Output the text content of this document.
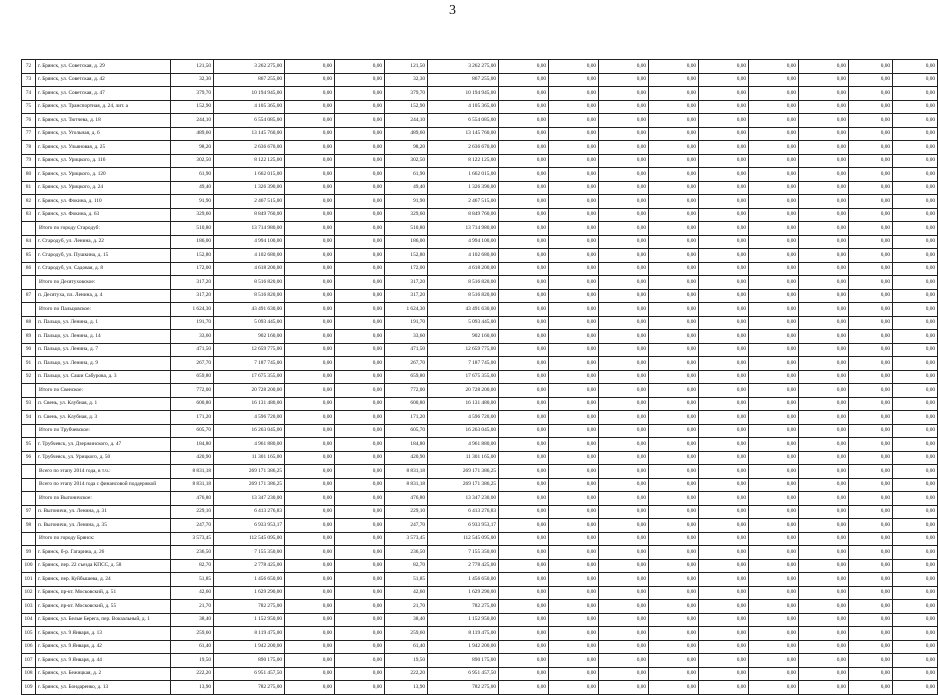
3
72	г. Брянск, ул. Советская, д. 29	121,50	3 262 275,00	0,00	0,00	121,50	3 262 275,00	0,00	0,00	0,00	0,00	0,00	0,00	0,00	0,00	0,00
73	г. Брянск, ул. Советская, д. 42	32,30	867 255,00	0,00	0,00	32,30	867 255,00	0,00	0,00	0,00	0,00	0,00	0,00	0,00	0,00	0,00
74	г. Брянск, ул. Советская, д. 47	379,70	10 194 945,00	0,00	0,00	379,70	10 194 945,00	0,00	0,00	0,00	0,00	0,00	0,00	0,00	0,00	0,00
75	г. Брянск, ул. Транспортная, д. 24, лит. а	152,90	4 105 365,00	0,00	0,00	152,90	4 105 365,00	0,00	0,00	0,00	0,00	0,00	0,00	0,00	0,00	0,00
76	г. Брянск, ул. Тютчева, д. 18	244,10	6 554 085,00	0,00	0,00	244,10	6 554 085,00	0,00	0,00	0,00	0,00	0,00	0,00	0,00	0,00	0,00
77	г. Брянск, ул. Угольная, д. 6	489,60	13 145 760,00	0,00	0,00	489,60	13 145 760,00	0,00	0,00	0,00	0,00	0,00	0,00	0,00	0,00	0,00
78	г. Брянск, ул. Ульяновая, д. 25	98,20	2 636 670,00	0,00	0,00	98,20	2 636 670,00	0,00	0,00	0,00	0,00	0,00	0,00	0,00	0,00	0,00
79	г. Брянск, ул. Урицкого, д. 116	302,50	8 122 125,00	0,00	0,00	302,50	8 122 125,00	0,00	0,00	0,00	0,00	0,00	0,00	0,00	0,00	0,00
80	г. Брянск, ул. Урицкого, д. 120	61,90	1 662 015,00	0,00	0,00	61,90	1 662 015,00	0,00	0,00	0,00	0,00	0,00	0,00	0,00	0,00	0,00
81	г. Брянск, ул. Урицкого, д. 24	49,40	1 326 390,00	0,00	0,00	49,40	1 326 390,00	0,00	0,00	0,00	0,00	0,00	0,00	0,00	0,00	0,00
82	г. Брянск, ул. Фокина, д. 110	91,90	2 467 515,00	0,00	0,00	91,90	2 467 515,00	0,00	0,00	0,00	0,00	0,00	0,00	0,00	0,00	0,00
83	г. Брянск, ул. Фокина, д. 63	329,60	8 849 760,00	0,00	0,00	329,60	8 849 760,00	0,00	0,00	0,00	0,00	0,00	0,00	0,00	0,00	0,00
	Итого по городу Стародуб:	510,80	13 714 980,00	0,00	0,00	510,80	13 714 980,00	0,00	0,00	0,00	0,00	0,00	0,00	0,00	0,00	0,00
84	г. Стародуб, ул. Ленина, д. 22	186,00	4 994 100,00	0,00	0,00	186,00	4 994 100,00	0,00	0,00	0,00	0,00	0,00	0,00	0,00	0,00	0,00
85	г. Стародуб, ул. Пушкина, д. 15	152,80	4 102 680,00	0,00	0,00	152,80	4 102 680,00	0,00	0,00	0,00	0,00	0,00	0,00	0,00	0,00	0,00
86	г. Стародуб, ул. Садовая, д. 8	172,00	4 618 200,00	0,00	0,00	172,00	4 618 200,00	0,00	0,00	0,00	0,00	0,00	0,00	0,00	0,00	0,00
	Итого по Десятуховское:	317,20	8 516 820,00	0,00	0,00	317,20	8 516 820,00	0,00	0,00	0,00	0,00	0,00	0,00	0,00	0,00	0,00
87	п. Десятуха, пл. Ленина, д. 4	317,20	8 516 820,00	0,00	0,00	317,20	8 516 820,00	0,00	0,00	0,00	0,00	0,00	0,00	0,00	0,00	0,00
	Итого по Пальцовское:	1 624,30	43 491 630,00	0,00	0,00	1 624,30	43 491 630,00	0,00	0,00	0,00	0,00	0,00	0,00	0,00	0,00	0,00
88	п. Пальцо, ул. Ленина, д. 1	191,70	5 093 445,00	0,00	0,00	191,70	5 093 445,00	0,00	0,00	0,00	0,00	0,00	0,00	0,00	0,00	0,00
89	п. Пальцо, ул. Ленина, д. 14	33,60	902 160,00	0,00	0,00	33,60	902 160,00	0,00	0,00	0,00	0,00	0,00	0,00	0,00	0,00	0,00
90	п. Пальцо, ул. Ленина, д. 7	471,50	12 659 775,00	0,00	0,00	471,50	12 659 775,00	0,00	0,00	0,00	0,00	0,00	0,00	0,00	0,00	0,00
91	п. Пальцо, ул. Ленина, д. 9	267,70	7 187 745,00	0,00	0,00	267,70	7 187 745,00	0,00	0,00	0,00	0,00	0,00	0,00	0,00	0,00	0,00
92	п. Пальцо, ул. Саши Сабурова, д. 3	659,80	17 675 355,00	0,00	0,00	659,80	17 675 355,00	0,00	0,00	0,00	0,00	0,00	0,00	0,00	0,00	0,00
	Итого по Свенское:	772,00	20 728 200,00	0,00	0,00	772,00	20 728 200,00	0,00	0,00	0,00	0,00	0,00	0,00	0,00	0,00	0,00
93	п. Свень, ул. Клубная, д. 1	600,80	16 131 480,00	0,00	0,00	600,80	16 131 480,00	0,00	0,00	0,00	0,00	0,00	0,00	0,00	0,00	0,00
94	п. Свень, ул. Клубная, д. 3	171,20	4 596 720,00	0,00	0,00	171,20	4 596 720,00	0,00	0,00	0,00	0,00	0,00	0,00	0,00	0,00	0,00
	Итого по Трубчевское:	605,70	16 263 045,00	0,00	0,00	605,70	16 263 045,00	0,00	0,00	0,00	0,00	0,00	0,00	0,00	0,00	0,00
95	г. Трубчевск, ул. Дзержинского, д. 47	184,80	4 961 880,00	0,00	0,00	184,80	4 961 880,00	0,00	0,00	0,00	0,00	0,00	0,00	0,00	0,00	0,00
96	г. Трубчевск, ул. Урицкого, д. 50	420,90	11 301 165,00	0,00	0,00	420,90	11 301 165,00	0,00	0,00	0,00	0,00	0,00	0,00	0,00	0,00	0,00
	Всего по этапу 2014 года, в т.ч.:	8 831,18	269 171 386,25	0,00	0,00	8 831,18	269 171 386,25	0,00	0,00	0,00	0,00	0,00	0,00	0,00	0,00	0,00
	Всего по этапу 2014 года с финансовой поддержкой	8 831,18	269 171 386,25	0,00	0,00	8 831,18	269 171 386,25	0,00	0,00	0,00	0,00	0,00	0,00	0,00	0,00	0,00
	Итого по Выгоничское:	476,80	13 347 230,00	0,00	0,00	476,80	13 347 230,00	0,00	0,00	0,00	0,00	0,00	0,00	0,00	0,00	0,00
97	п. Выгоничи, ул. Ленина, д. 31	229,10	6 413 276,83	0,00	0,00	229,10	6 413 276,83	0,00	0,00	0,00	0,00	0,00	0,00	0,00	0,00	0,00
98	п. Выгоничи, ул. Ленина, д. 35	247,70	6 933 953,17	0,00	0,00	247,70	6 933 953,17	0,00	0,00	0,00	0,00	0,00	0,00	0,00	0,00	0,00
	Итого по городу Брянск:	3 573,45	112 545 095,00	0,00	0,00	3 573,45	112 545 095,00	0,00	0,00	0,00	0,00	0,00	0,00	0,00	0,00	0,00
99	г. Брянск, б-р. Гагарина, д. 26	236,50	7 155 350,00	0,00	0,00	236,50	7 155 350,00	0,00	0,00	0,00	0,00	0,00	0,00	0,00	0,00	0,00
100	г. Брянск, пер. 22 съезда КПСС, д. 58	82,70	2 778 425,00	0,00	0,00	82,70	2 778 425,00	0,00	0,00	0,00	0,00	0,00	0,00	0,00	0,00	0,00
101	г. Брянск, пер. Куйбышева, д. 24	51,85	1 456 650,00	0,00	0,00	51,85	1 456 650,00	0,00	0,00	0,00	0,00	0,00	0,00	0,00	0,00	0,00
102	г. Брянск, пр-кт. Московский, д. 51	42,60	1 629 290,00	0,00	0,00	42,60	1 629 290,00	0,00	0,00	0,00	0,00	0,00	0,00	0,00	0,00	0,00
103	г. Брянск, пр-кт. Московский, д. 55	21,70	782 275,00	0,00	0,00	21,70	782 275,00	0,00	0,00	0,00	0,00	0,00	0,00	0,00	0,00	0,00
104	г. Брянск, ул. Белые Берега, пер. Вокзальный, д. 1	38,40	1 152 950,00	0,00	0,00	38,40	1 152 950,00	0,00	0,00	0,00	0,00	0,00	0,00	0,00	0,00	0,00
105	г. Брянск, ул. 9 Января, д. 13	259,60	8 119 475,00	0,00	0,00	259,60	8 119 475,00	0,00	0,00	0,00	0,00	0,00	0,00	0,00	0,00	0,00
106	г. Брянск, ул. 9 Января, д. 42	61,40	1 942 200,00	0,00	0,00	61,40	1 942 200,00	0,00	0,00	0,00	0,00	0,00	0,00	0,00	0,00	0,00
107	г. Брянск, ул. 9 Января, д. 44	19,50	890 175,00	0,00	0,00	19,50	890 175,00	0,00	0,00	0,00	0,00	0,00	0,00	0,00	0,00	0,00
108	г. Брянск, ул. Бежицкая, д. 2	222,20	6 951 457,50	0,00	0,00	222,20	6 951 457,50	0,00	0,00	0,00	0,00	0,00	0,00	0,00	0,00	0,00
109	г. Брянск, ул. Бондаренко, д. 13	13,90	782 275,00	0,00	0,00	13,90	782 275,00	0,00	0,00	0,00	0,00	0,00	0,00	0,00	0,00	0,00
